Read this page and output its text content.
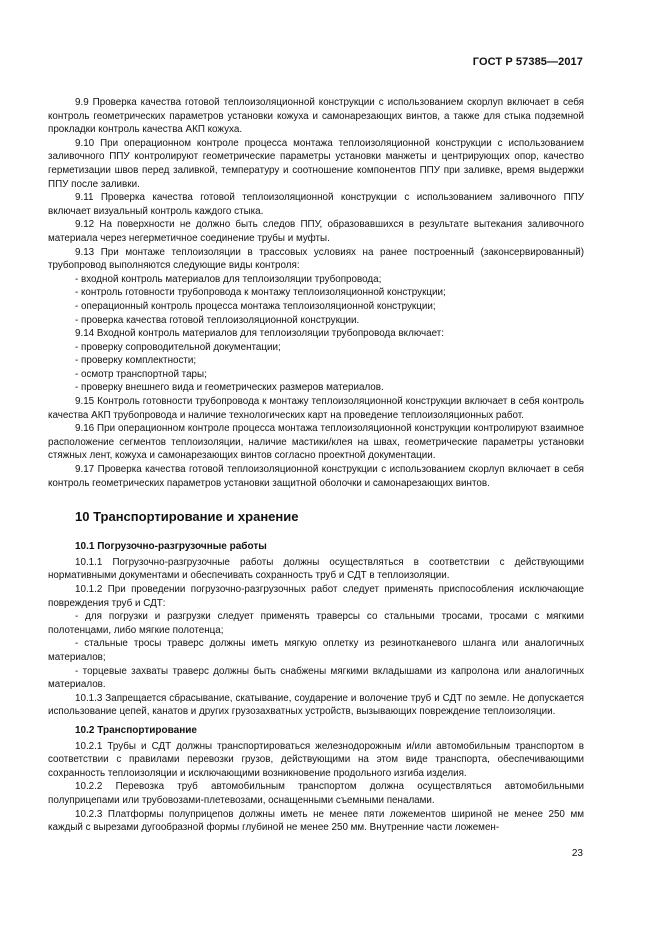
ГОСТ Р 57385—2017

9.9 Проверка качества готовой теплоизоляционной конструкции с использованием скорлуп включает в себя контроль геометрических параметров установки кожуха и самонарезающих винтов, а также для стыка подземной прокладки контроль качества АКП кожуха.

9.10 При операционном контроле процесса монтажа теплоизоляционной конструкции с использованием заливочного ППУ контролируют геометрические параметры установки манжеты и центрирующих опор, качество герметизации швов перед заливкой, температуру и соотношение компонентов ППУ при заливке, время выдержки ППУ после заливки.

9.11 Проверка качества готовой теплоизоляционной конструкции с использованием заливочного ППУ включает визуальный контроль каждого стыка.

9.12 На поверхности не должно быть следов ППУ, образовавшихся в результате вытекания заливочного материала через негерметичное соединение трубы и муфты.

9.13 При монтаже теплоизоляции в трассовых условиях на ранее построенный (законсервированный) трубопровод выполняются следующие виды контроля:

- входной контроль материалов для теплоизоляции трубопровода;

- контроль готовности трубопровода к монтажу теплоизоляционной конструкции;

- операционный контроль процесса монтажа теплоизоляционной конструкции;

- проверка качества готовой теплоизоляционной конструкции.

9.14 Входной контроль материалов для теплоизоляции трубопровода включает:

- проверку сопроводительной документации;

- проверку комплектности;

- осмотр транспортной тары;

- проверку внешнего вида и геометрических размеров материалов.

9.15 Контроль готовности трубопровода к монтажу теплоизоляционной конструкции включает в себя контроль качества АКП трубопровода и наличие технологических карт на проведение теплоизоляционных работ.

9.16 При операционном контроле процесса монтажа теплоизоляционной конструкции контролируют взаимное расположение сегментов теплоизоляции, наличие мастики/клея на швах, геометрические параметры установки стяжных лент, кожуха и самонарезающих винтов согласно проектной документации.

9.17 Проверка качества готовой теплоизоляционной конструкции с использованием скорлуп включает в себя контроль геометрических параметров установки защитной оболочки и самонарезающих винтов.

10 Транспортирование и хранение
10.1 Погрузочно-разгрузочные работы

10.1.1 Погрузочно-разгрузочные работы должны осуществляться в соответствии с действующими нормативными документами и обеспечивать сохранность труб и СДТ в теплоизоляции.

10.1.2 При проведении погрузочно-разгрузочных работ следует применять приспособления исключающие повреждения труб и СДТ:

- для погрузки и разгрузки следует применять траверсы со стальными тросами, тросами с мягкими полотенцами, либо мягкие полотенца;

- стальные тросы траверс должны иметь мягкую оплетку из резинотканевого шланга или аналогичных материалов;

- торцевые захваты траверс должны быть снабжены мягкими вкладышами из капролона или аналогичных материалов.

10.1.3 Запрещается сбрасывание, скатывание, соударение и волочение труб и СДТ по земле. Не допускается использование цепей, канатов и других грузозахватных устройств, вызывающих повреждение теплоизоляции.

10.2 Транспортирование

10.2.1 Трубы и СДТ должны транспортироваться железнодорожным и/или автомобильным транспортом в соответствии с правилами перевозки грузов, действующими на этом виде транспорта, обеспечивающими сохранность теплоизоляции и исключающими возникновение продольного изгиба изделия.

10.2.2 Перевозка труб автомобильным транспортом должна осуществляться автомобильными полуприцепами или трубовозами-плетевозами, оснащенными съемными пеналами.

10.2.3 Платформы полуприцепов должны иметь не менее пяти ложементов шириной не менее 250 мм каждый с вырезами дугообразной формы глубиной не менее 250 мм. Внутренние части ложемен-

23
